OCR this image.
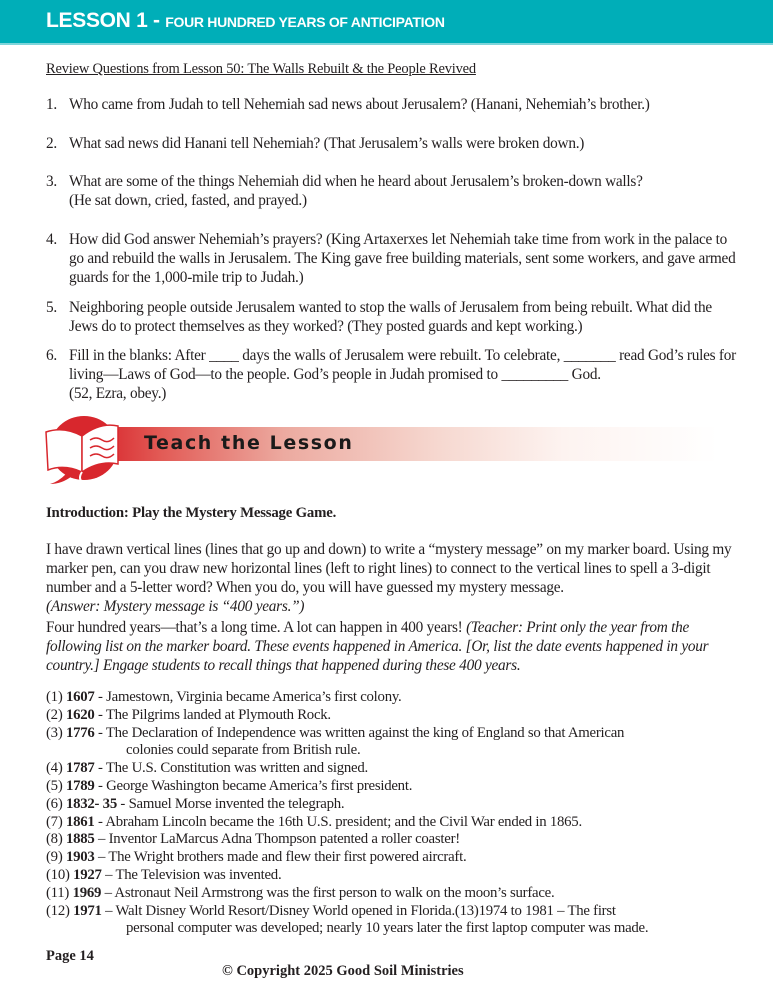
LESSON 1 - FOUR HUNDRED YEARS OF ANTICIPATION
Review Questions from Lesson 50: The Walls Rebuilt & the People Revived
1. Who came from Judah to tell Nehemiah sad news about Jerusalem? (Hanani, Nehemiah’s brother.)
2. What sad news did Hanani tell Nehemiah? (That Jerusalem’s walls were broken down.)
3. What are some of the things Nehemiah did when he heard about Jerusalem’s broken-down walls?
(He sat down, cried, fasted, and prayed.)
4. How did God answer Nehemiah’s prayers? (King Artaxerxes let Nehemiah take time from work in the palace to go and rebuild the walls in Jerusalem. The King gave free building materials, sent some workers, and gave armed guards for the 1,000-mile trip to Judah.)
5. Neighboring people outside Jerusalem wanted to stop the walls of Jerusalem from being rebuilt. What did the Jews do to protect themselves as they worked? (They posted guards and kept working.)
6. Fill in the blanks: After ____ days the walls of Jerusalem were rebuilt. To celebrate, _______ read God’s rules for living—Laws of God—to the people. God’s people in Judah promised to _________ God.
(52, Ezra, obey.)
Teach the Lesson
Introduction: Play the Mystery Message Game.
I have drawn vertical lines (lines that go up and down) to write a “mystery message” on my marker board. Using my marker pen, can you draw new horizontal lines (left to right lines) to connect to the vertical lines to spell a 3-digit number and a 5-letter word? When you do, you will have guessed my mystery message.
(Answer: Mystery message is “400 years.”)
Four hundred years—that’s a long time. A lot can happen in 400 years! (Teacher: Print only the year from the following list on the marker board. These events happened in America. [Or, list the date events happened in your country.] Engage students to recall things that happened during these 400 years.
(1) 1607 - Jamestown, Virginia became America’s first colony.
(2) 1620 - The Pilgrims landed at Plymouth Rock.
(3) 1776 - The Declaration of Independence was written against the king of England so that American
colonies could separate from British rule.
(4) 1787 - The U.S. Constitution was written and signed.
(5) 1789 - George Washington became America’s first president.
(6) 1832- 35 - Samuel Morse invented the telegraph.
(7) 1861 - Abraham Lincoln became the 16th U.S. president; and the Civil War ended in 1865.
(8) 1885 – Inventor LaMarcus Adna Thompson patented a roller coaster!
(9) 1903 – The Wright brothers made and flew their first powered aircraft.
(10) 1927 – The Television was invented.
(11) 1969 – Astronaut Neil Armstrong was the first person to walk on the moon’s surface.
(12) 1971 – Walt Disney World Resort/Disney World opened in Florida.(13)1974 to 1981 – The first
personal computer was developed; nearly 10 years later the first laptop computer was made.
Page 14
© Copyright 2025 Good Soil Ministries
